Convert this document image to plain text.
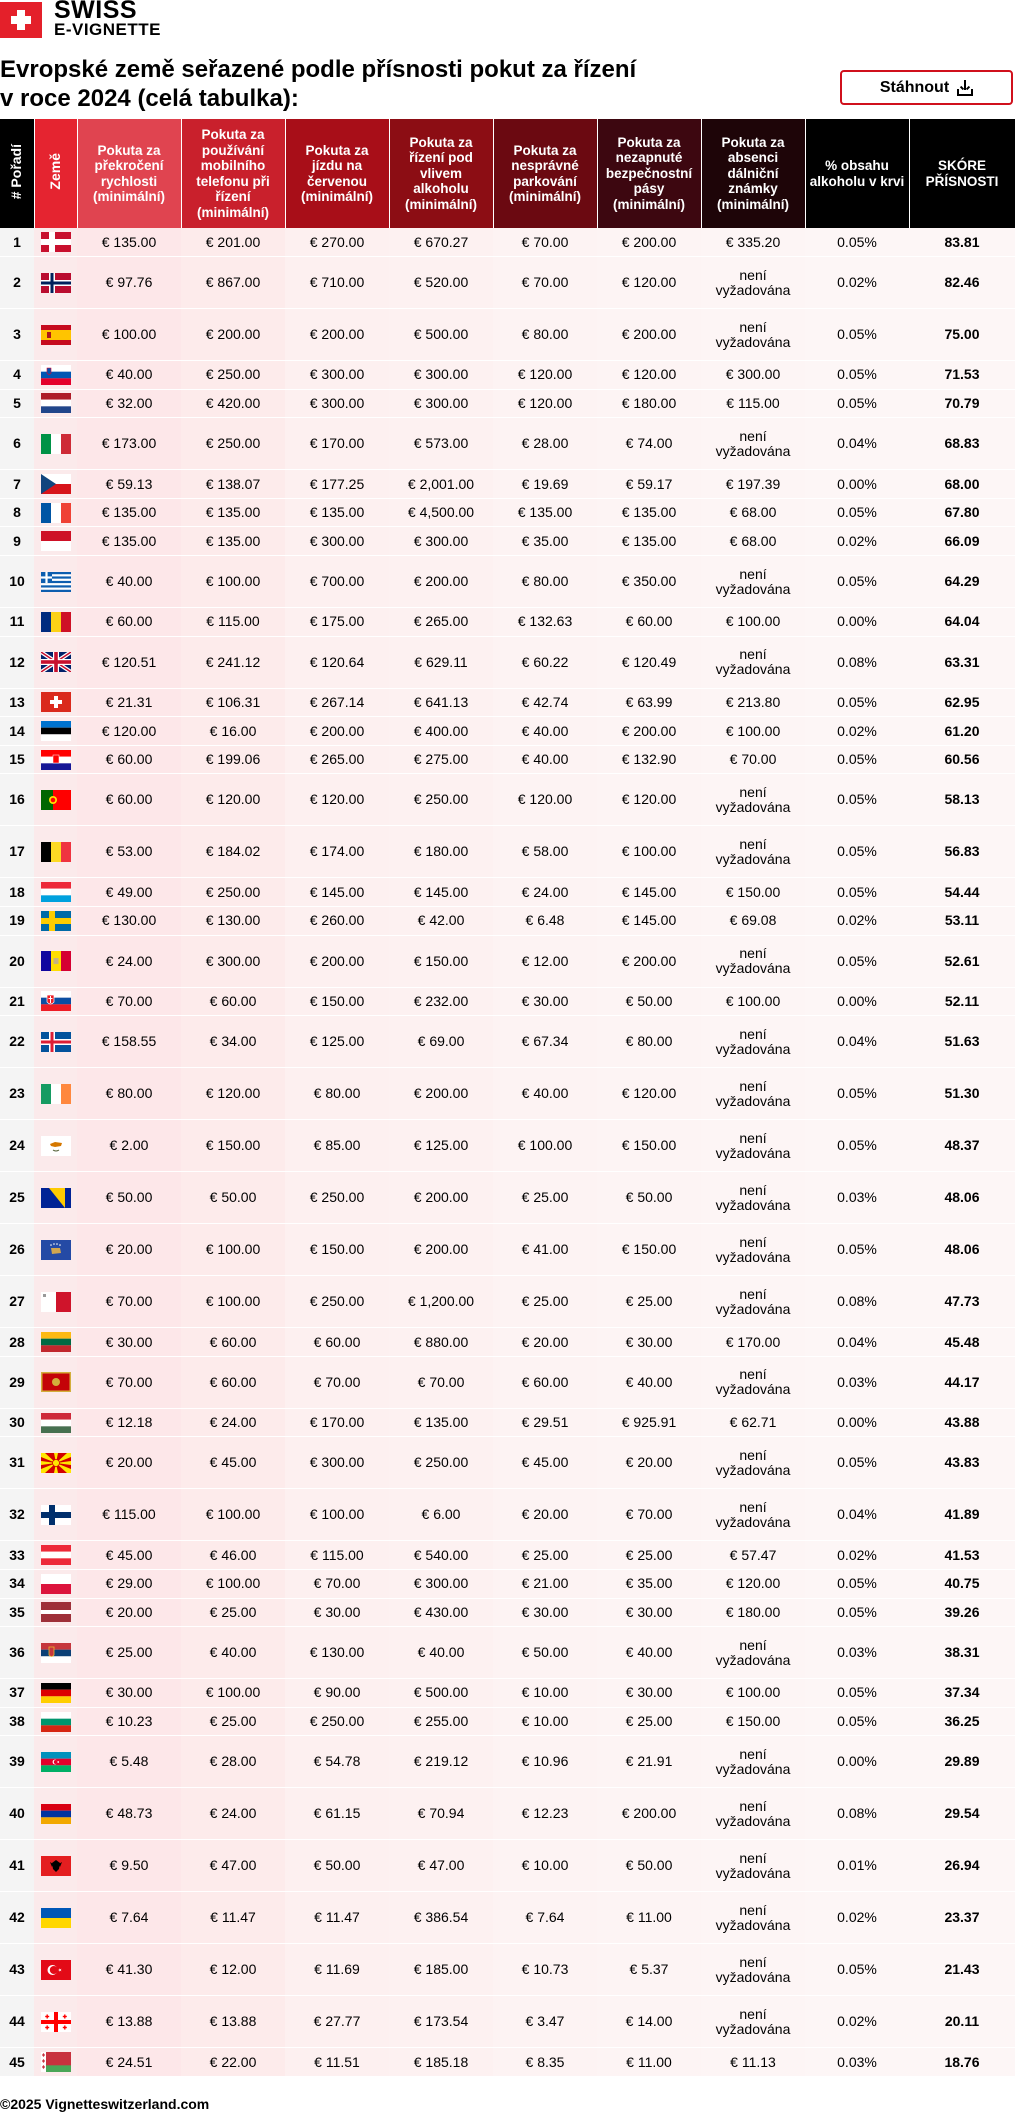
SWISS
E-VIGNETTE
Evropské země seřazené podle přísnosti pokut za řízení v roce 2024 (celá tabulka):	Stáhnout
# Pořadí	Země	Pokuta za překročení rychlosti (minimální)	Pokuta za používání mobilního telefonu při řízení (minimální)	Pokuta za jízdu na červenou (minimální)	Pokuta za řízení pod vlivem alkoholu (minimální)	Pokuta za nesprávné parkování (minimální)	Pokuta za nezapnuté bezpečnostní pásy (minimální)	Pokuta za absenci dálniční známky (minimální)	% obsahu alkoholu v krvi	SKÓRE PŘÍSNOSTI
1		€ 135.00	€ 201.00	€ 270.00	€ 670.27	€ 70.00	€ 200.00	€ 335.20	0.05%	83.81
2		€ 97.76	€ 867.00	€ 710.00	€ 520.00	€ 70.00	€ 120.00	není vyžadována	0.02%	82.46
3		€ 100.00	€ 200.00	€ 200.00	€ 500.00	€ 80.00	€ 200.00	není vyžadována	0.05%	75.00
4		€ 40.00	€ 250.00	€ 300.00	€ 300.00	€ 120.00	€ 120.00	€ 300.00	0.05%	71.53
5		€ 32.00	€ 420.00	€ 300.00	€ 300.00	€ 120.00	€ 180.00	€ 115.00	0.05%	70.79
6		€ 173.00	€ 250.00	€ 170.00	€ 573.00	€ 28.00	€ 74.00	není vyžadována	0.04%	68.83
7		€ 59.13	€ 138.07	€ 177.25	€ 2,001.00	€ 19.69	€ 59.17	€ 197.39	0.00%	68.00
8		€ 135.00	€ 135.00	€ 135.00	€ 4,500.00	€ 135.00	€ 135.00	€ 68.00	0.05%	67.80
9		€ 135.00	€ 135.00	€ 300.00	€ 300.00	€ 35.00	€ 135.00	€ 68.00	0.02%	66.09
10		€ 40.00	€ 100.00	€ 700.00	€ 200.00	€ 80.00	€ 350.00	není vyžadována	0.05%	64.29
11		€ 60.00	€ 115.00	€ 175.00	€ 265.00	€ 132.63	€ 60.00	€ 100.00	0.00%	64.04
12		€ 120.51	€ 241.12	€ 120.64	€ 629.11	€ 60.22	€ 120.49	není vyžadována	0.08%	63.31
13		€ 21.31	€ 106.31	€ 267.14	€ 641.13	€ 42.74	€ 63.99	€ 213.80	0.05%	62.95
14		€ 120.00	€ 16.00	€ 200.00	€ 400.00	€ 40.00	€ 200.00	€ 100.00	0.02%	61.20
15		€ 60.00	€ 199.06	€ 265.00	€ 275.00	€ 40.00	€ 132.90	€ 70.00	0.05%	60.56
16		€ 60.00	€ 120.00	€ 120.00	€ 250.00	€ 120.00	€ 120.00	není vyžadována	0.05%	58.13
17		€ 53.00	€ 184.02	€ 174.00	€ 180.00	€ 58.00	€ 100.00	není vyžadována	0.05%	56.83
18		€ 49.00	€ 250.00	€ 145.00	€ 145.00	€ 24.00	€ 145.00	€ 150.00	0.05%	54.44
19		€ 130.00	€ 130.00	€ 260.00	€ 42.00	€ 6.48	€ 145.00	€ 69.08	0.02%	53.11
20		€ 24.00	€ 300.00	€ 200.00	€ 150.00	€ 12.00	€ 200.00	není vyžadována	0.05%	52.61
21		€ 70.00	€ 60.00	€ 150.00	€ 232.00	€ 30.00	€ 50.00	€ 100.00	0.00%	52.11
22		€ 158.55	€ 34.00	€ 125.00	€ 69.00	€ 67.34	€ 80.00	není vyžadována	0.04%	51.63
23		€ 80.00	€ 120.00	€ 80.00	€ 200.00	€ 40.00	€ 120.00	není vyžadována	0.05%	51.30
24		€ 2.00	€ 150.00	€ 85.00	€ 125.00	€ 100.00	€ 150.00	není vyžadována	0.05%	48.37
25		€ 50.00	€ 50.00	€ 250.00	€ 200.00	€ 25.00	€ 50.00	není vyžadována	0.03%	48.06
26		€ 20.00	€ 100.00	€ 150.00	€ 200.00	€ 41.00	€ 150.00	není vyžadována	0.05%	48.06
27		€ 70.00	€ 100.00	€ 250.00	€ 1,200.00	€ 25.00	€ 25.00	není vyžadována	0.08%	47.73
28		€ 30.00	€ 60.00	€ 60.00	€ 880.00	€ 20.00	€ 30.00	€ 170.00	0.04%	45.48
29		€ 70.00	€ 60.00	€ 70.00	€ 70.00	€ 60.00	€ 40.00	není vyžadována	0.03%	44.17
30		€ 12.18	€ 24.00	€ 170.00	€ 135.00	€ 29.51	€ 925.91	€ 62.71	0.00%	43.88
31		€ 20.00	€ 45.00	€ 300.00	€ 250.00	€ 45.00	€ 20.00	není vyžadována	0.05%	43.83
32		€ 115.00	€ 100.00	€ 100.00	€ 6.00	€ 20.00	€ 70.00	není vyžadována	0.04%	41.89
33		€ 45.00	€ 46.00	€ 115.00	€ 540.00	€ 25.00	€ 25.00	€ 57.47	0.02%	41.53
34		€ 29.00	€ 100.00	€ 70.00	€ 300.00	€ 21.00	€ 35.00	€ 120.00	0.05%	40.75
35		€ 20.00	€ 25.00	€ 30.00	€ 430.00	€ 30.00	€ 30.00	€ 180.00	0.05%	39.26
36		€ 25.00	€ 40.00	€ 130.00	€ 40.00	€ 50.00	€ 40.00	není vyžadována	0.03%	38.31
37		€ 30.00	€ 100.00	€ 90.00	€ 500.00	€ 10.00	€ 30.00	€ 100.00	0.05%	37.34
38		€ 10.23	€ 25.00	€ 250.00	€ 255.00	€ 10.00	€ 25.00	€ 150.00	0.05%	36.25
39		€ 5.48	€ 28.00	€ 54.78	€ 219.12	€ 10.96	€ 21.91	není vyžadována	0.00%	29.89
40		€ 48.73	€ 24.00	€ 61.15	€ 70.94	€ 12.23	€ 200.00	není vyžadována	0.08%	29.54
41		€ 9.50	€ 47.00	€ 50.00	€ 47.00	€ 10.00	€ 50.00	není vyžadována	0.01%	26.94
42		€ 7.64	€ 11.47	€ 11.47	€ 386.54	€ 7.64	€ 11.00	není vyžadována	0.02%	23.37
43		€ 41.30	€ 12.00	€ 11.69	€ 185.00	€ 10.73	€ 5.37	není vyžadována	0.05%	21.43
44		€ 13.88	€ 13.88	€ 27.77	€ 173.54	€ 3.47	€ 14.00	není vyžadována	0.02%	20.11
45		€ 24.51	€ 22.00	€ 11.51	€ 185.18	€ 8.35	€ 11.00	€ 11.13	0.03%	18.76
©2025 Vignetteswitzerland.com
